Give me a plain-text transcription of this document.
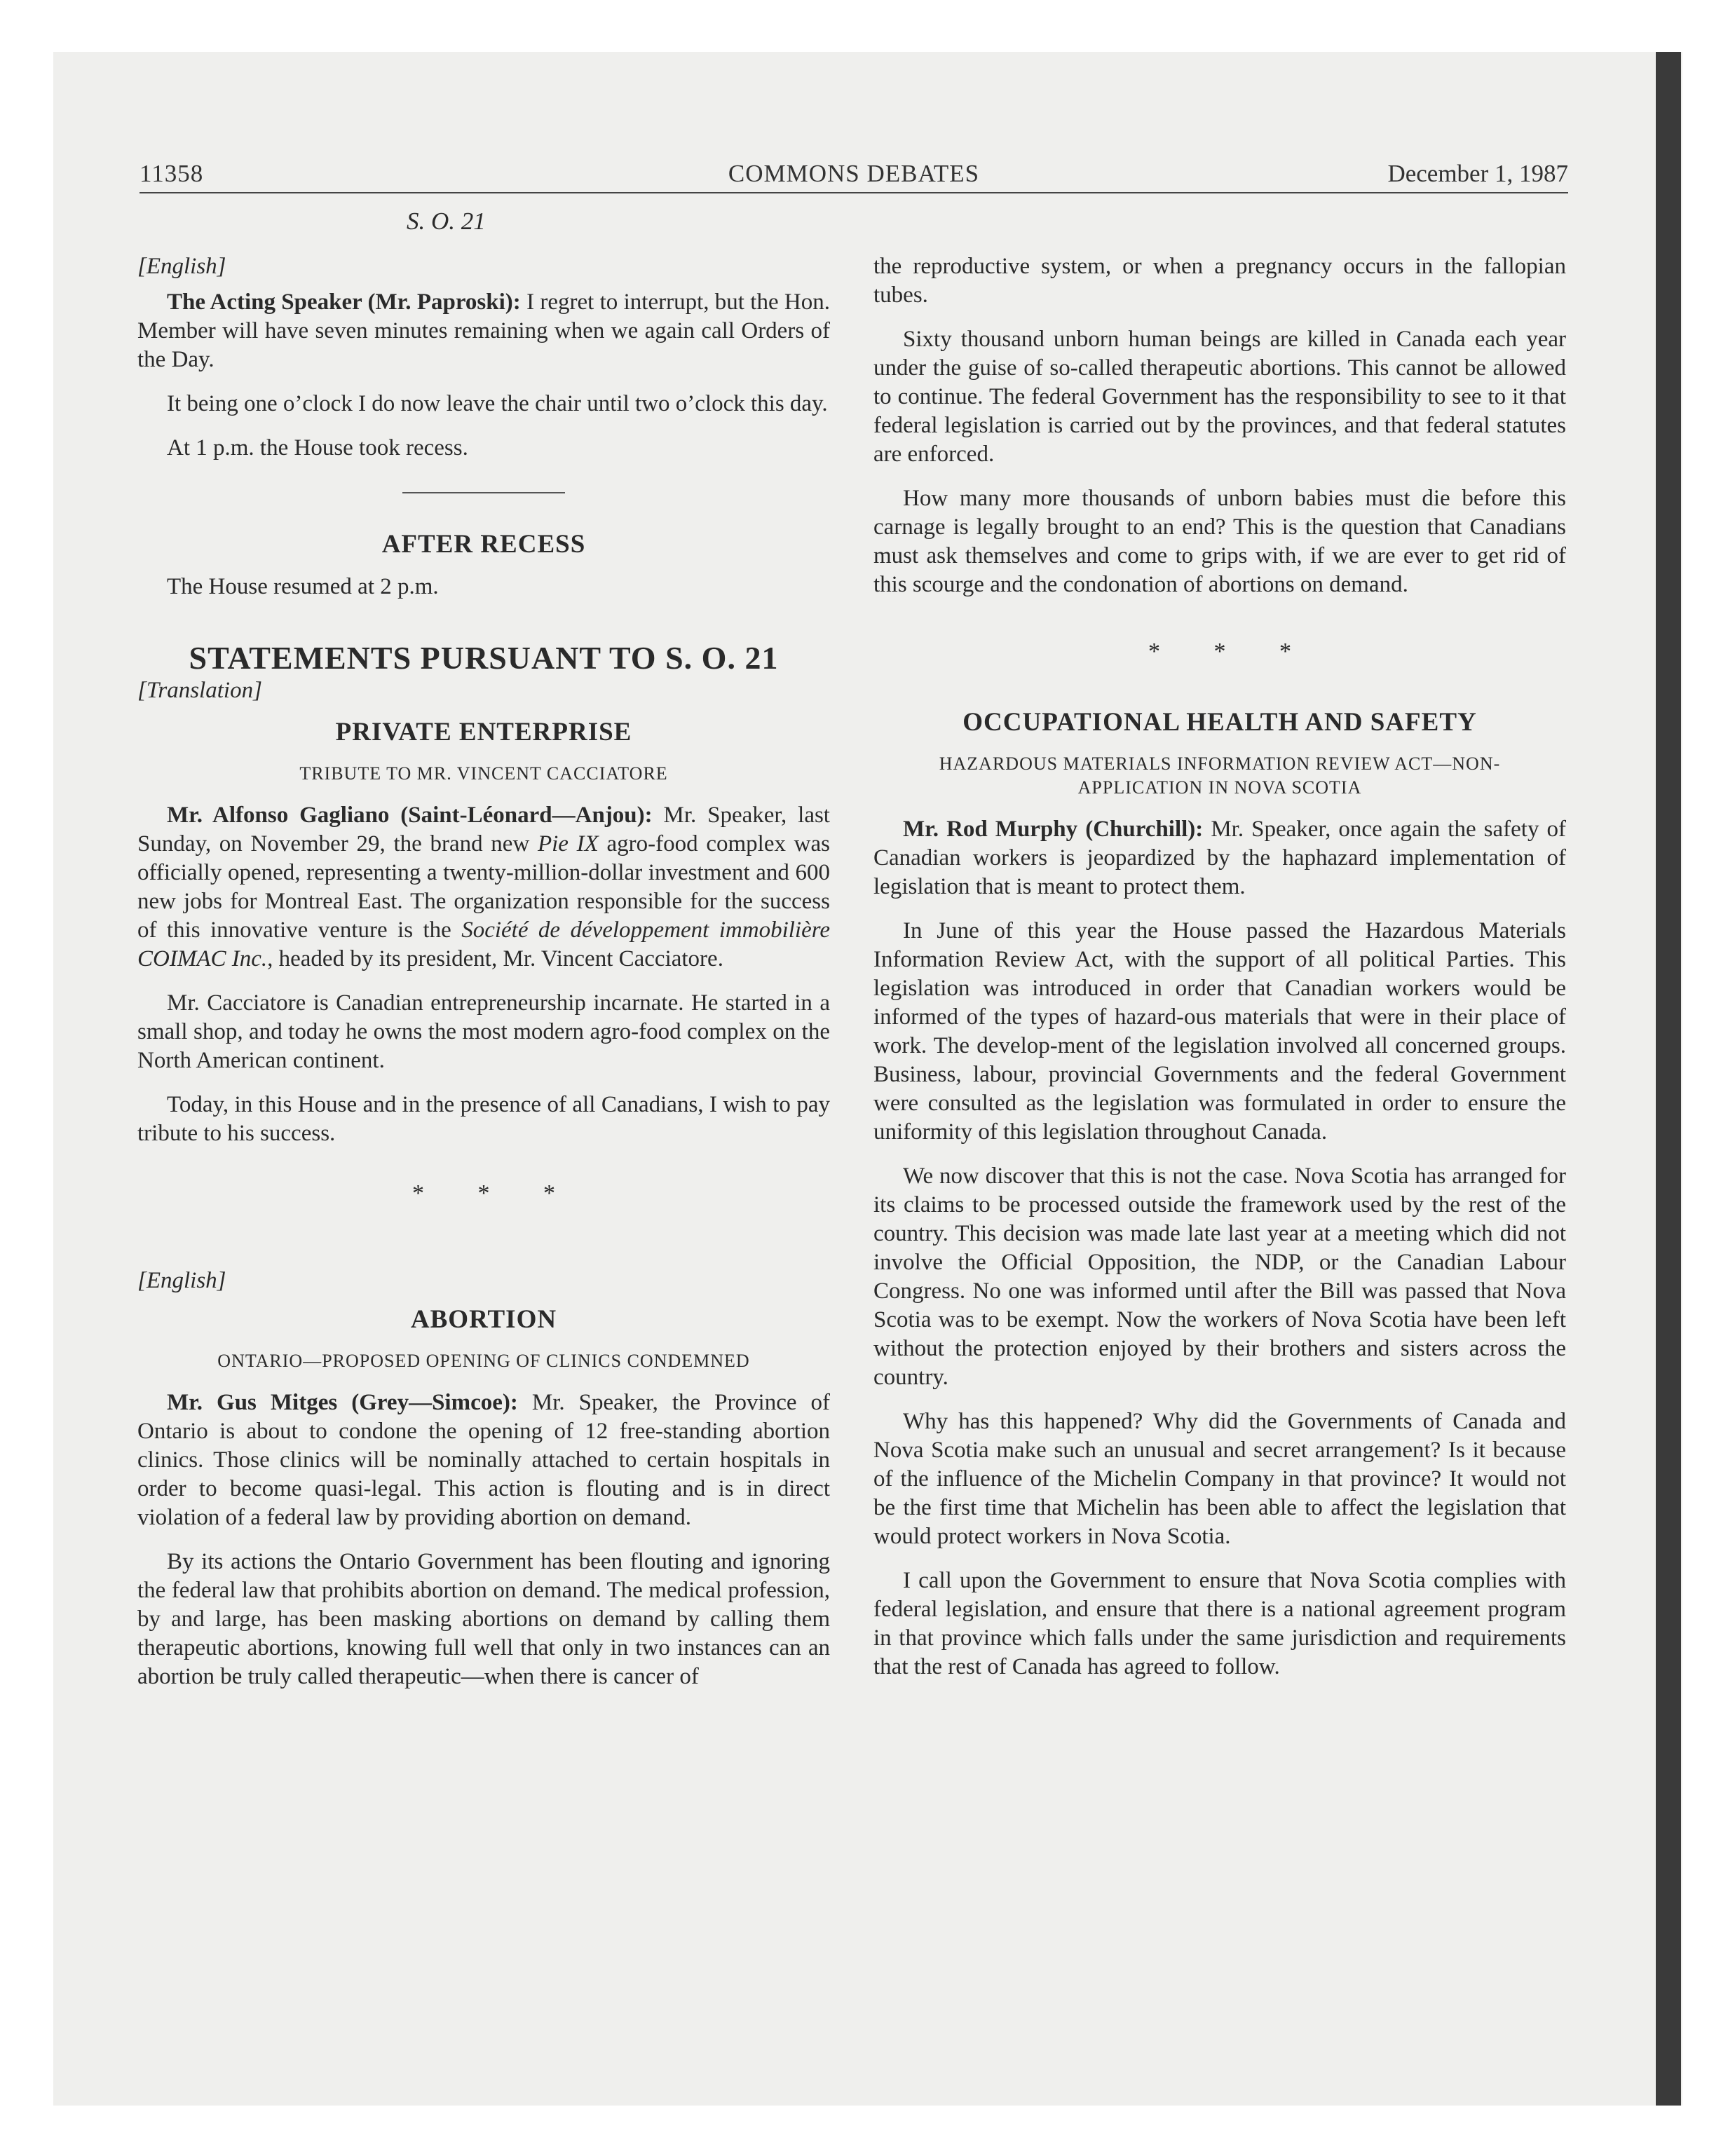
11358	COMMONS DEBATES	December 1, 1987
S. O. 21

[English]

The Acting Speaker (Mr. Paproski): I regret to interrupt, but the Hon. Member will have seven minutes remaining when we again call Orders of the Day.

It being one o’clock I do now leave the chair until two o’clock this day.

At 1 p.m. the House took recess.

AFTER RECESS

The House resumed at 2 p.m.

STATEMENTS PURSUANT TO S. O. 21

[Translation]

PRIVATE ENTERPRISE

TRIBUTE TO MR. VINCENT CACCIATORE

Mr. Alfonso Gagliano (Saint-Léonard—Anjou): Mr. Speaker, last Sunday, on November 29, the brand new Pie IX agro-food complex was officially opened, representing a twenty-million-dollar investment and 600 new jobs for Montreal East. The organization responsible for the success of this innovative venture is the Société de développement immobilière COIMAC Inc., headed by its president, Mr. Vincent Cacciatore.

Mr. Cacciatore is Canadian entrepreneurship incarnate. He started in a small shop, and today he owns the most modern agro-food complex on the North American continent.

Today, in this House and in the presence of all Canadians, I wish to pay tribute to his success.

* * *

[English]

ABORTION

ONTARIO—PROPOSED OPENING OF CLINICS CONDEMNED

Mr. Gus Mitges (Grey—Simcoe): Mr. Speaker, the Province of Ontario is about to condone the opening of 12 free-standing abortion clinics. Those clinics will be nominally attached to certain hospitals in order to become quasi-legal. This action is flouting and is in direct violation of a federal law by providing abortion on demand.

By its actions the Ontario Government has been flouting and ignoring the federal law that prohibits abortion on demand. The medical profession, by and large, has been masking abortions on demand by calling them therapeutic abortions, knowing full well that only in two instances can an abortion be truly called therapeutic—when there is cancer of

the reproductive system, or when a pregnancy occurs in the fallopian tubes.

Sixty thousand unborn human beings are killed in Canada each year under the guise of so-called therapeutic abortions. This cannot be allowed to continue. The federal Government has the responsibility to see to it that federal legislation is carried out by the provinces, and that federal statutes are enforced.

How many more thousands of unborn babies must die before this carnage is legally brought to an end? This is the question that Canadians must ask themselves and come to grips with, if we are ever to get rid of this scourge and the condonation of abortions on demand.

* * *

OCCUPATIONAL HEALTH AND SAFETY

HAZARDOUS MATERIALS INFORMATION REVIEW ACT—NON-APPLICATION IN NOVA SCOTIA

Mr. Rod Murphy (Churchill): Mr. Speaker, once again the safety of Canadian workers is jeopardized by the haphazard implementation of legislation that is meant to protect them.

In June of this year the House passed the Hazardous Materials Information Review Act, with the support of all political Parties. This legislation was introduced in order that Canadian workers would be informed of the types of hazard-ous materials that were in their place of work. The develop-ment of the legislation involved all concerned groups. Business, labour, provincial Governments and the federal Government were consulted as the legislation was formulated in order to ensure the uniformity of this legislation throughout Canada.

We now discover that this is not the case. Nova Scotia has arranged for its claims to be processed outside the framework used by the rest of the country. This decision was made late last year at a meeting which did not involve the Official Opposition, the NDP, or the Canadian Labour Congress. No one was informed until after the Bill was passed that Nova Scotia was to be exempt. Now the workers of Nova Scotia have been left without the protection enjoyed by their brothers and sisters across the country.

Why has this happened? Why did the Governments of Canada and Nova Scotia make such an unusual and secret arrangement? Is it because of the influence of the Michelin Company in that province? It would not be the first time that Michelin has been able to affect the legislation that would protect workers in Nova Scotia.

I call upon the Government to ensure that Nova Scotia complies with federal legislation, and ensure that there is a national agreement program in that province which falls under the same jurisdiction and requirements that the rest of Canada has agreed to follow.
